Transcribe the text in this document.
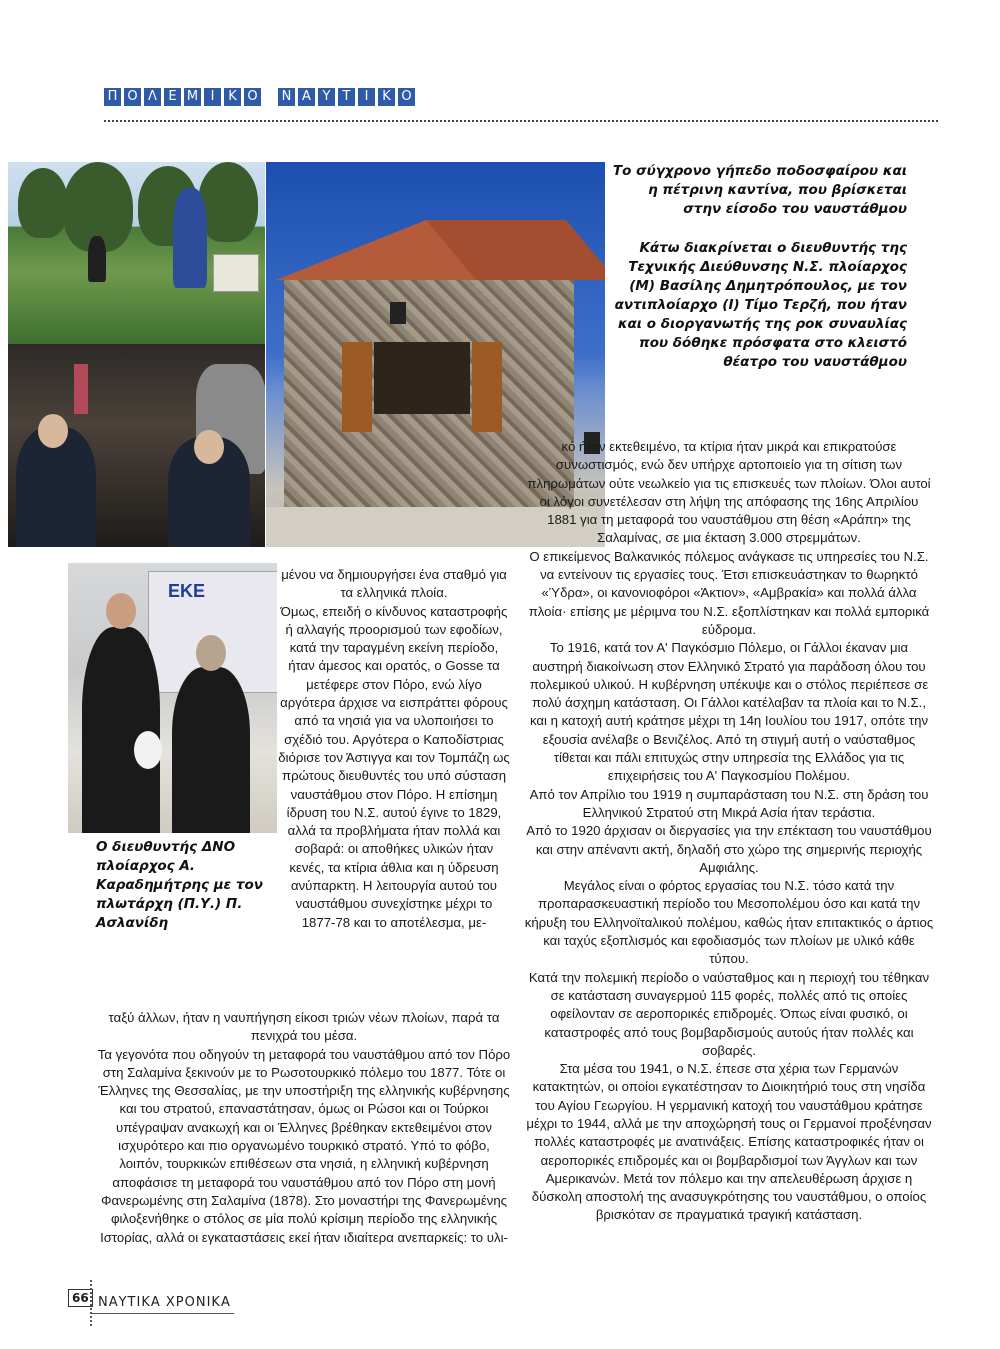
Π Ο Λ Ε Μ Ι	Κ Ο Ν Α Υ Τ	Ι	Κ Ο
ΕΚΕ

Το σύγχρονο γήπεδο ποδοσφαίρου και η πέτρινη καντίνα, που βρίσκεται στην είσοδο του ναυστάθμου

Κάτω διακρίνεται ο διευθυντής της Τεχνικής Διεύθυνσης Ν.Σ. πλοίαρχος (Μ) Βασίλης Δημητρόπουλος, με τον αντιπλοίαρχο (Ι) Τίμο Τερζή, που ήταν και ο διοργανωτής της ροκ συναυλίας που δόθηκε πρόσφατα στο κλειστό θέατρο του ναυστάθμου

Ο διευθυντής ΔΝΟ πλοίαρχος Α. Καραδημήτρης με τον πλωτάρχη (Π.Υ.) Π. Ασλανίδη

μένου να δημιουργήσει ένα σταθμό για τα ελληνικά πλοία.

Όμως, επειδή ο κίνδυνος καταστροφής ή αλλαγής προορισμού των εφοδίων, κατά την ταραγμένη εκείνη περίοδο, ήταν άμεσος και ορατός, ο Gosse τα μετέφερε στον Πόρο, ενώ λίγο αργότερα άρχισε να εισπράττει φόρους από τα νησιά για να υλοποιήσει το σχέδιό του. Αργότερα ο Καποδίστριας διόρισε τον Άστιγγα και τον Τομπάζη ως πρώτους διευθυντές του υπό σύσταση ναυστάθμου στον Πόρο. Η επίσημη ίδρυση του Ν.Σ. αυτού έγινε το 1829, αλλά τα προβλήματα ήταν πολλά και σοβαρά: οι αποθήκες υλικών ήταν κενές, τα κτίρια άθλια και η ύδρευση ανύπαρκτη. Η λειτουργία αυτού του ναυστάθμου συνεχίστηκε μέχρι το 1877-78 και το αποτέλεσμα, με-

ταξύ άλλων, ήταν η ναυπήγηση είκοσι τριών νέων πλοίων, παρά τα πενιχρά του μέσα.

Τα γεγονότα που οδηγούν τη μεταφορά του ναυστάθμου από τον Πόρο στη Σαλαμίνα ξεκινούν με το Ρωσοτουρκικό πόλεμο του 1877. Τότε οι Έλληνες της Θεσσαλίας, με την υποστήριξη της ελληνικής κυβέρνησης και του στρατού, επαναστάτησαν, όμως οι Ρώσοι και οι Τούρκοι υπέγραψαν ανακωχή και οι Έλληνες βρέθηκαν εκτεθειμένοι στον ισχυρότερο και πιο οργανωμένο τουρκικό στρατό. Υπό το φόβο, λοιπόν, τουρκικών επιθέσεων στα νησιά, η ελληνική κυβέρνηση αποφάσισε τη μεταφορά του ναυστάθμου από τον Πόρο στη μονή Φανερωμένης στη Σαλαμίνα (1878). Στο μοναστήρι της Φανερωμένης φιλοξενήθηκε ο στόλος σε μία πολύ κρίσιμη περίοδο της ελληνικής Ιστορίας, αλλά οι εγκαταστάσεις εκεί ήταν ιδιαίτερα ανεπαρκείς: το υλι-

κό ήταν εκτεθειμένο, τα κτίρια ήταν μικρά και επικρατούσε συνωστισμός, ενώ δεν υπήρχε αρτοποιείο για τη σίτιση των πληρωμάτων ούτε νεωλκείο για τις επισκευές των πλοίων. Όλοι αυτοί οι λόγοι συνετέλεσαν στη λήψη της απόφασης της 16ης Απριλίου 1881 για τη μεταφορά του ναυστάθμου στη θέση «Αράπη» της Σαλαμίνας, σε μια έκταση 3.000 στρεμμάτων.

Ο επικείμενος Βαλκανικός πόλεμος ανάγκασε τις υπηρεσίες του Ν.Σ. να εντείνουν τις εργασίες τους. Έτσι επισκευάστηκαν το θωρηκτό «Ύδρα», οι κανονιοφόροι «Άκτιον», «Αμβρακία» και πολλά άλλα πλοία· επίσης με μέριμνα του Ν.Σ. εξοπλίστηκαν και πολλά εμπορικά εύδρομα.

Το 1916, κατά τον Α' Παγκόσμιο Πόλεμο, οι Γάλλοι έκαναν μια αυστηρή διακοίνωση στον Ελληνικό Στρατό για παράδοση όλου του πολεμικού υλικού. Η κυβέρνηση υπέκυψε και ο στόλος περιέπεσε σε πολύ άσχημη κατάσταση. Οι Γάλλοι κατέλαβαν τα πλοία και το Ν.Σ., και η κατοχή αυτή κράτησε μέχρι τη 14η Ιουλίου του 1917, οπότε την εξουσία ανέλαβε ο Βενιζέλος. Από τη στιγμή αυτή ο ναύσταθμος τίθεται και πάλι επιτυχώς στην υπηρεσία της Ελλάδος για τις επιχειρήσεις του Α' Παγκοσμίου Πολέμου.

Από τον Απρίλιο του 1919 η συμπαράσταση του Ν.Σ. στη δράση του Ελληνικού Στρατού στη Μικρά Ασία ήταν τεράστια.

Από το 1920 άρχισαν οι διεργασίες για την επέκταση του ναυστάθμου και στην απέναντι ακτή, δηλαδή στο χώρο της σημερινής περιοχής Αμφιάλης.

Μεγάλος είναι ο φόρτος εργασίας του Ν.Σ. τόσο κατά την προπαρασκευαστική περίοδο του Μεσοπολέμου όσο και κατά την κήρυξη του Ελληνοϊταλικού πολέμου, καθώς ήταν επιτακτικός ο άρτιος και ταχύς εξοπλισμός και εφοδιασμός των πλοίων με υλικό κάθε τύπου.

Κατά την πολεμική περίοδο ο ναύσταθμος και η περιοχή του τέθηκαν σε κατάσταση συναγερμού 115 φορές, πολλές από τις οποίες οφείλονταν σε αεροπορικές επιδρομές. Όπως είναι φυσικό, οι καταστροφές από τους βομβαρδισμούς αυτούς ήταν πολλές και σοβαρές.

Στα μέσα του 1941, ο Ν.Σ. έπεσε στα χέρια των Γερμανών κατακτητών, οι οποίοι εγκατέστησαν το Διοικητήριό τους στη νησίδα του Αγίου Γεωργίου. Η γερμανική κατοχή του ναυστάθμου κράτησε μέχρι το 1944, αλλά με την αποχώρησή τους οι Γερμανοί προξένησαν πολλές καταστροφές με ανατινάξεις. Επίσης καταστροφικές ήταν οι αεροπορικές επιδρομές και οι βομβαρδισμοί των Άγγλων και των Αμερικανών. Μετά τον πόλεμο και την απελευθέρωση άρχισε η δύσκολη αποστολή της ανασυγκρότησης του ναυστάθμου, ο οποίος βρισκόταν σε πραγματικά τραγική κατάσταση.

66 ΝΑΥΤΙΚΑ ΧΡΟΝΙΚΑ
